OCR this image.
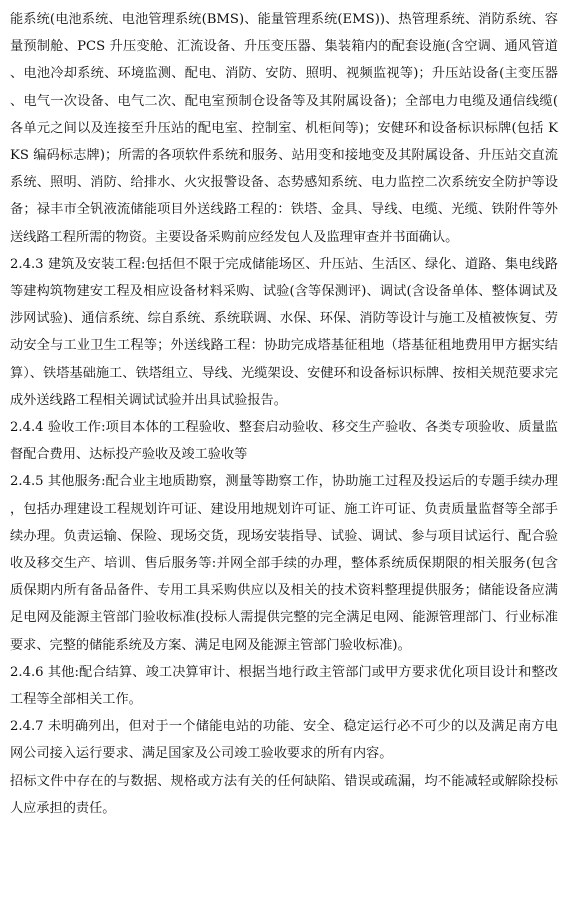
能系统(电池系统、电池管理系统(BMS)、能量管理系统(EMS))、热管理系统、消防系统、容量预制舱、PCS 升压变舱、汇流设备、升压变压器、集装箱内的配套设施(含空调、通风管道、电池冷却系统、环境监测、配电、消防、安防、照明、视频监视等)；升压站设备(主变压器、电气一次设备、电气二次、配电室预制仓设备等及其附属设备)；全部电力电缆及通信线缆(各单元之间以及连接至升压站的配电室、控制室、机柜间等)；安健环和设备标识标牌(包括 KKS 编码标志牌)；所需的各项软件系统和服务、站用变和接地变及其附属设备、升压站交直流系统、照明、消防、给排水、火灾报警设备、态势感知系统、电力监控二次系统安全防护等设备；禄丰市全钒液流储能项目外送线路工程的：铁塔、金具、导线、电缆、光缆、铁附件等外送线路工程所需的物资。主要设备采购前应经发包人及监理审查并书面确认。

2.4.3 建筑及安装工程:包括但不限于完成储能场区、升压站、生活区、绿化、道路、集电线路等建构筑物建安工程及相应设备材料采购、试验(含等保测评)、调试(含设备单体、整体调试及涉网试验)、通信系统、综自系统、系统联调、水保、环保、消防等设计与施工及植被恢复、劳动安全与工业卫生工程等；外送线路工程：协助完成塔基征租地（塔基征租地费用甲方据实结算）、铁塔基础施工、铁塔组立、导线、光缆架设、安健环和设备标识标牌、按相关规范要求完成外送线路工程相关调试试验并出具试验报告。

2.4.4 验收工作:项目本体的工程验收、整套启动验收、移交生产验收、各类专项验收、质量监督配合费用、达标投产验收及竣工验收等

2.4.5 其他服务:配合业主地质勘察，测量等勘察工作，协助施工过程及投运后的专题手续办理，包括办理建设工程规划许可证、建设用地规划许可证、施工许可证、负责质量监督等全部手续办理。负责运输、保险、现场交货，现场安装指导、试验、调试、参与项目试运行、配合验收及移交生产、培训、售后服务等:并网全部手续的办理，整体系统质保期限的相关服务(包含质保期内所有备品备件、专用工具采购供应以及相关的技术资料整理提供服务；储能设备应满足电网及能源主管部门验收标准(投标人需提供完整的完全满足电网、能源管理部门、行业标准要求、完整的储能系统及方案、满足电网及能源主管部门验收标准)。

2.4.6 其他:配合结算、竣工决算审计、根据当地行政主管部门或甲方要求优化项目设计和整改工程等全部相关工作。

2.4.7 未明确列出，但对于一个储能电站的功能、安全、稳定运行必不可少的以及满足南方电网公司接入运行要求、满足国家及公司竣工验收要求的所有内容。

招标文件中存在的与数据、规格或方法有关的任何缺陷、错误或疏漏，均不能减轻或解除投标人应承担的责任。
